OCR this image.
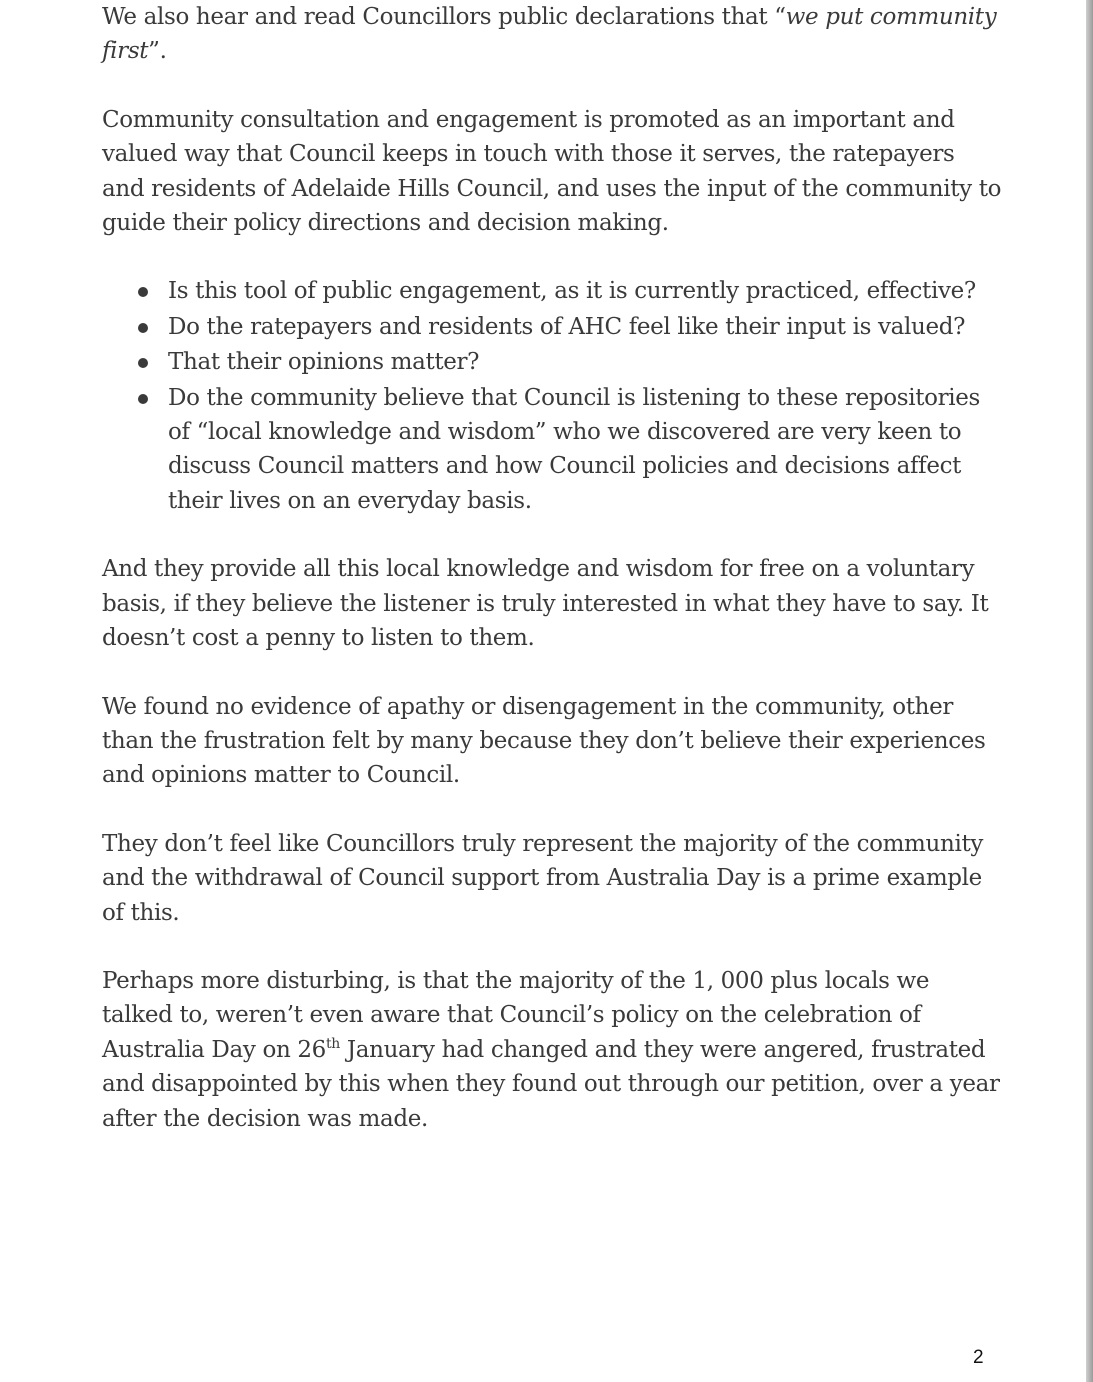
We also hear and read Councillors public declarations that “we put community first”.

Community consultation and engagement is promoted as an important and valued way that Council keeps in touch with those it serves, the ratepayers and residents of Adelaide Hills Council, and uses the input of the community to guide their policy directions and decision making.

Is this tool of public engagement, as it is currently practiced, effective?
Do the ratepayers and residents of AHC feel like their input is valued?
That their opinions matter?
Do the community believe that Council is listening to these repositories of “local knowledge and wisdom” who we discovered are very keen to discuss Council matters and how Council policies and decisions affect their lives on an everyday basis.

And they provide all this local knowledge and wisdom for free on a voluntary basis, if they believe the listener is truly interested in what they have to say. It doesn’t cost a penny to listen to them.

We found no evidence of apathy or disengagement in the community, other than the frustration felt by many because they don’t believe their experiences and opinions matter to Council.

They don’t feel like Councillors truly represent the majority of the community and the withdrawal of Council support from Australia Day is a prime example of this.

Perhaps more disturbing, is that the majority of the 1, 000 plus locals we talked to, weren’t even aware that Council’s policy on the celebration of Australia Day on 26th January had changed and they were angered, frustrated and disappointed by this when they found out through our petition, over a year after the decision was made.

2
